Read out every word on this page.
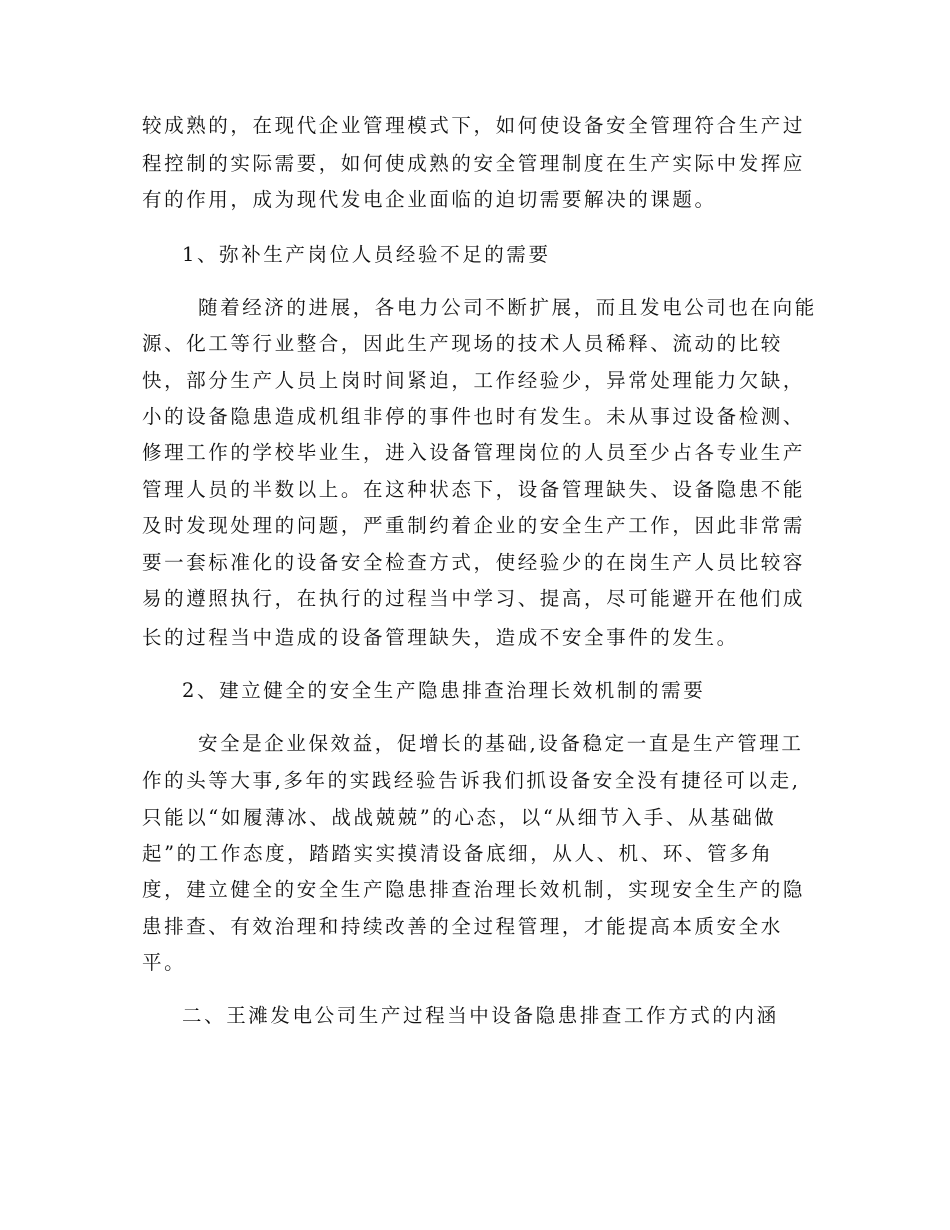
较成熟的，在现代企业管理模式下，如何使设备安全管理符合生产过
程控制的实际需要，如何使成熟的安全管理制度在生产实际中发挥应
有的作用，成为现代发电企业面临的迫切需要解决的课题。
1、弥补生产岗位人员经验不足的需要
随着经济的进展，各电力公司不断扩展，而且发电公司也在向能
源、化工等行业整合，因此生产现场的技术人员稀释、流动的比较
快，部分生产人员上岗时间紧迫，工作经验少，异常处理能力欠缺，
小的设备隐患造成机组非停的事件也时有发生。未从事过设备检测、
修理工作的学校毕业生，进入设备管理岗位的人员至少占各专业生产
管理人员的半数以上。在这种状态下，设备管理缺失、设备隐患不能
及时发现处理的问题，严重制约着企业的安全生产工作，因此非常需
要一套标准化的设备安全检查方式，使经验少的在岗生产人员比较容
易的遵照执行，在执行的过程当中学习、提高，尽可能避开在他们成
长的过程当中造成的设备管理缺失，造成不安全事件的发生。
2、建立健全的安全生产隐患排查治理长效机制的需要
安全是企业保效益，促增长的基础,设备稳定一直是生产管理工
作的头等大事,多年的实践经验告诉我们抓设备安全没有捷径可以走,
只能以“如履薄冰、战战兢兢”的心态，以“从细节入手、从基础做
起”的工作态度，踏踏实实摸清设备底细，从人、机、环、管多角
度，建立健全的安全生产隐患排查治理长效机制，实现安全生产的隐
患排查、有效治理和持续改善的全过程管理，才能提高本质安全水
平。
二、王滩发电公司生产过程当中设备隐患排查工作方式的内涵
